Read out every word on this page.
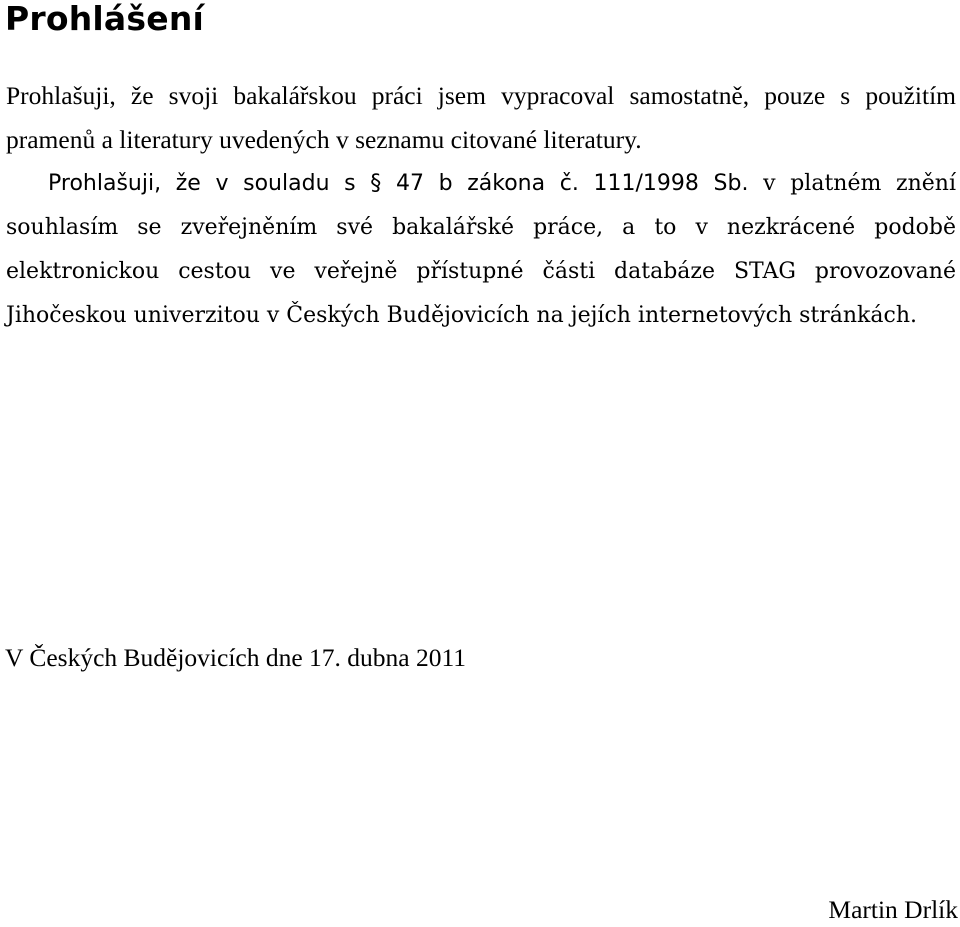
Prohlášení

Prohlašuji, že svoji bakalářskou práci jsem vypracoval samostatně, pouze s použitím pramenů a literatury uvedených v seznamu citované literatury.

Prohlašuji, že v souladu s § 47 b zákona č. 111/1998 Sb. v platném znění souhlasím se zveřejněním své bakalářské práce, a to v nezkrácené podobě elektronickou cestou ve veřejně přístupné části databáze STAG provozované Jihočeskou univerzitou v Českých Budějovicích na jejích internetových stránkách.

V Českých Budějovicích dne 17. dubna 2011

Martin Drlík
